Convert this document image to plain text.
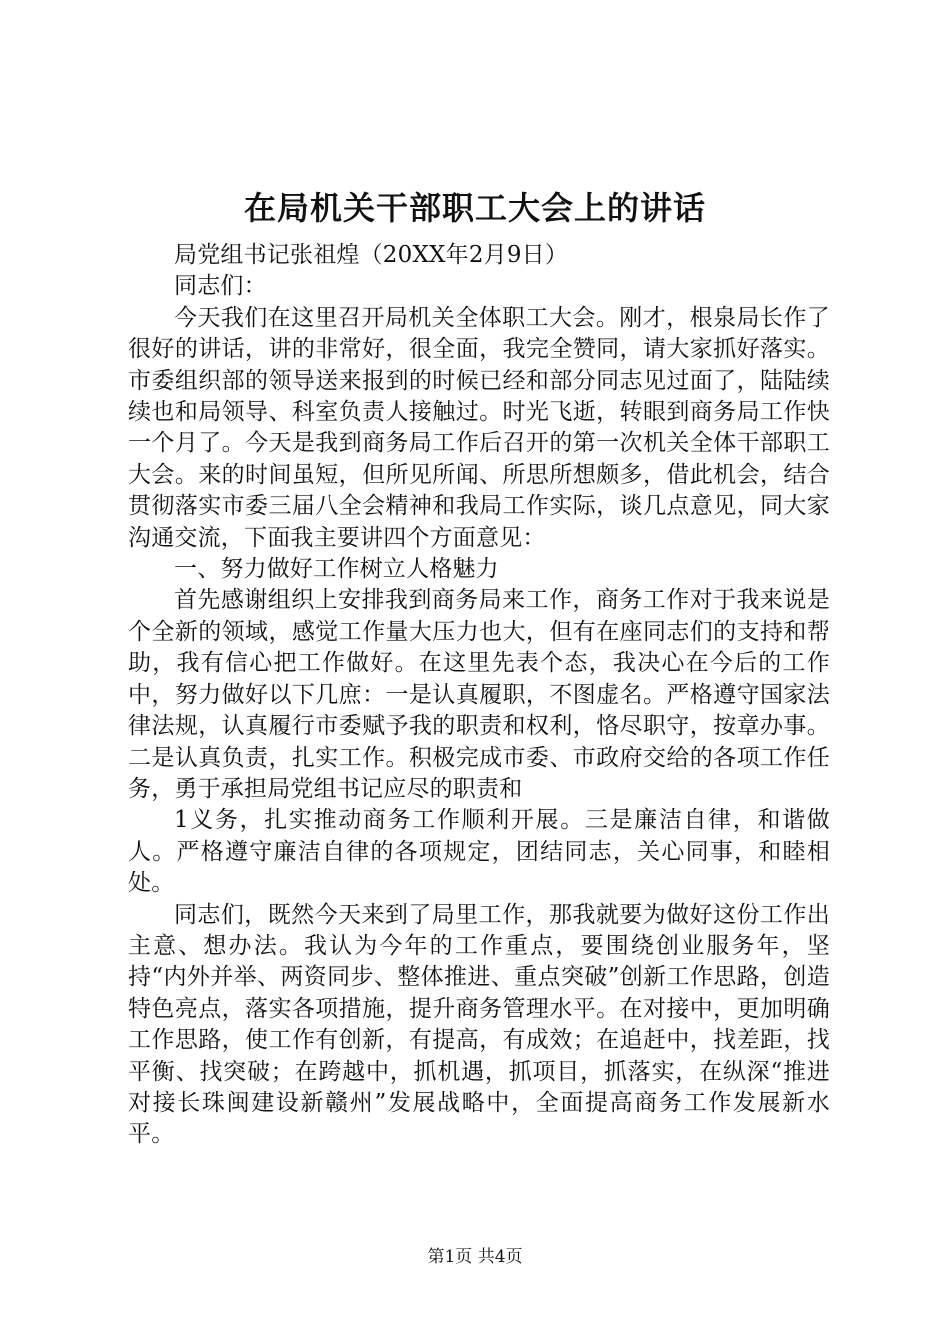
在局机关干部职工大会上的讲话

局党组书记张祖煌（20XX年2月9日）

同志们：

今天我们在这里召开局机关全体职工大会。刚才，根泉局长作了很好的讲话，讲的非常好，很全面，我完全赞同，请大家抓好落实。市委组织部的领导送来报到的时候已经和部分同志见过面了，陆陆续续也和局领导、科室负责人接触过。时光飞逝，转眼到商务局工作快一个月了。今天是我到商务局工作后召开的第一次机关全体干部职工大会。来的时间虽短，但所见所闻、所思所想颇多，借此机会，结合贯彻落实市委三届八全会精神和我局工作实际，谈几点意见，同大家沟通交流，下面我主要讲四个方面意见：

一、努力做好工作树立人格魅力

首先感谢组织上安排我到商务局来工作，商务工作对于我来说是个全新的领域，感觉工作量大压力也大，但有在座同志们的支持和帮助，我有信心把工作做好。在这里先表个态，我决心在今后的工作中，努力做好以下几庶：一是认真履职，不图虚名。严格遵守国家法律法规，认真履行市委赋予我的职责和权利，恪尽职守，按章办事。二是认真负责，扎实工作。积极完成市委、市政府交给的各项工作任务，勇于承担局党组书记应尽的职责和

1义务，扎实推动商务工作顺利开展。三是廉洁自律，和谐做人。严格遵守廉洁自律的各项规定，团结同志，关心同事，和睦相处。

同志们，既然今天来到了局里工作，那我就要为做好这份工作出主意、想办法。我认为今年的工作重点，要围绕创业服务年，坚持“内外并举、两资同步、整体推进、重点突破”创新工作思路，创造特色亮点，落实各项措施，提升商务管理水平。在对接中，更加明确工作思路，使工作有创新，有提高，有成效；在追赶中，找差距，找平衡、找突破；在跨越中，抓机遇，抓项目，抓落实，在纵深“推进对接长珠闽建设新赣州”发展战略中，全面提高商务工作发展新水平。

第1页 共4页
